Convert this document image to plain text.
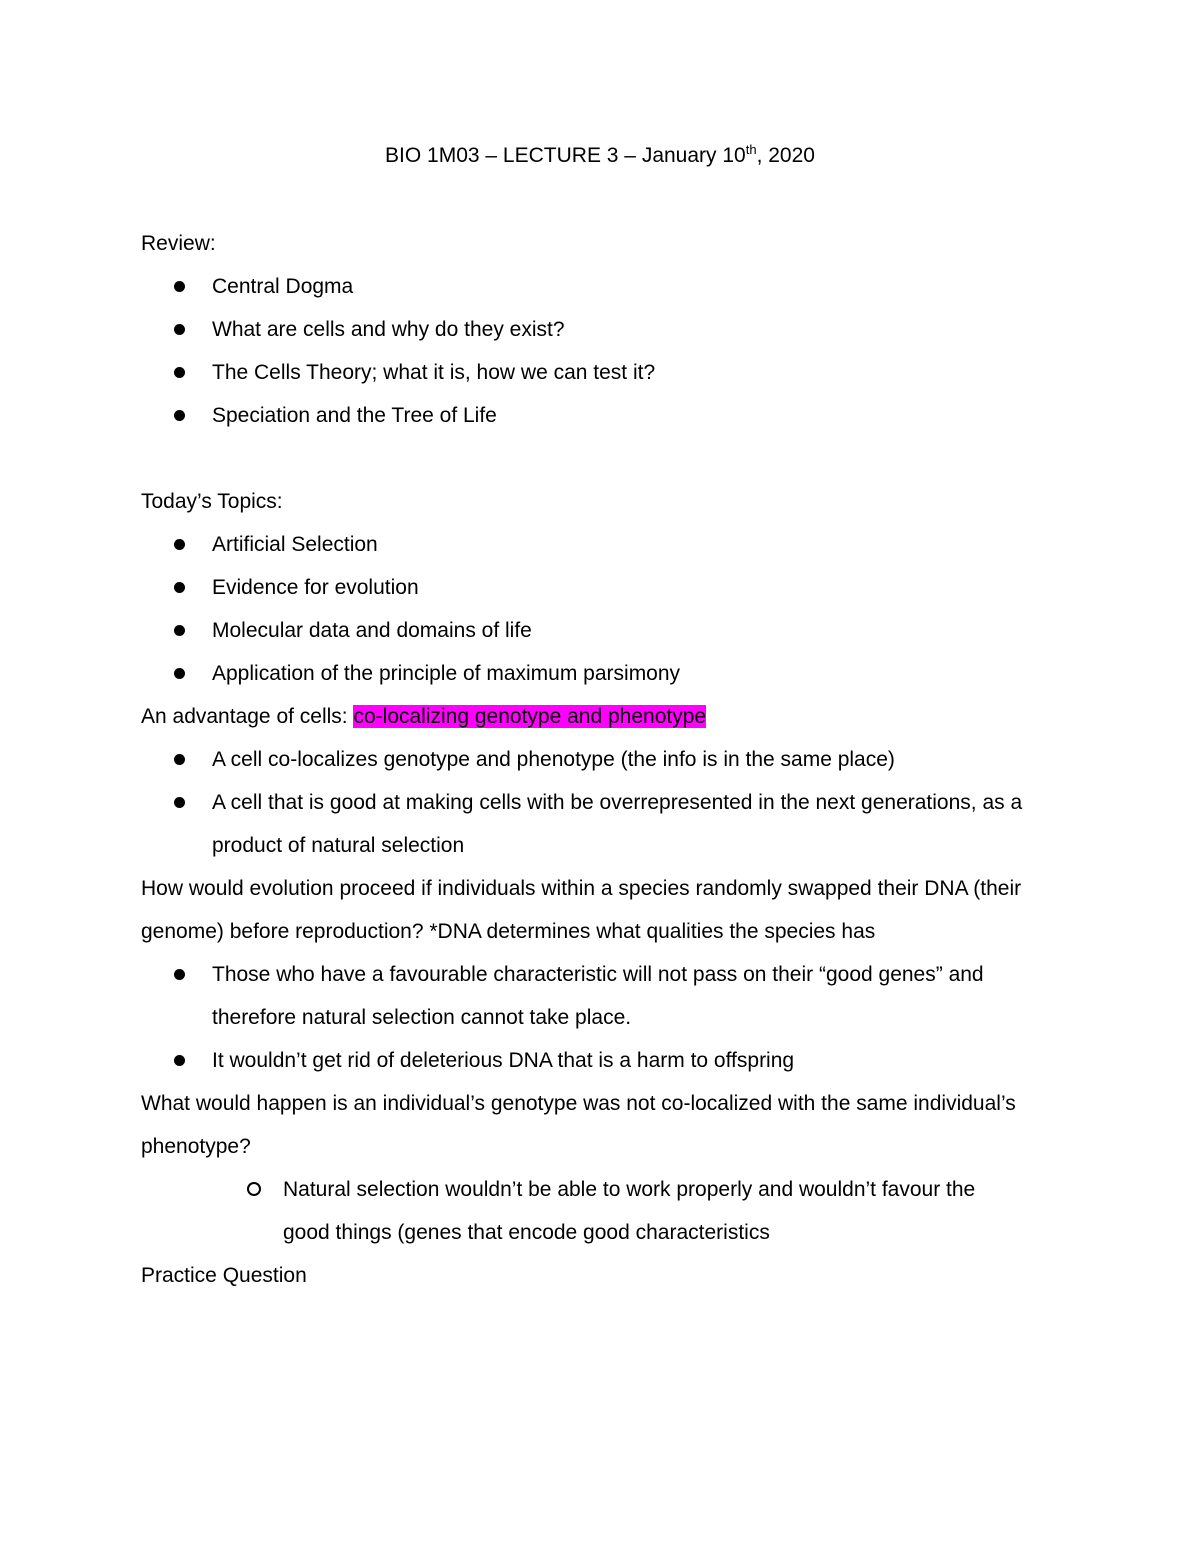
BIO 1M03 – LECTURE 3 – January 10th, 2020

Review:

Central Dogma
What are cells and why do they exist?
The Cells Theory; what it is, how we can test it?
Speciation and the Tree of Life

Today’s Topics:

Artificial Selection
Evidence for evolution
Molecular data and domains of life
Application of the principle of maximum parsimony

An advantage of cells: co-localizing genotype and phenotype

A cell co-localizes genotype and phenotype (the info is in the same place)
A cell that is good at making cells with be overrepresented in the next generations, as a
product of natural selection

How would evolution proceed if individuals within a species randomly swapped their DNA (their
genome) before reproduction? *DNA determines what qualities the species has

Those who have a favourable characteristic will not pass on their “good genes” and
therefore natural selection cannot take place.
It wouldn’t get rid of deleterious DNA that is a harm to offspring

What would happen is an individual’s genotype was not co-localized with the same individual’s
phenotype?

Natural selection wouldn’t be able to work properly and wouldn’t favour the
good things (genes that encode good characteristics

Practice Question
